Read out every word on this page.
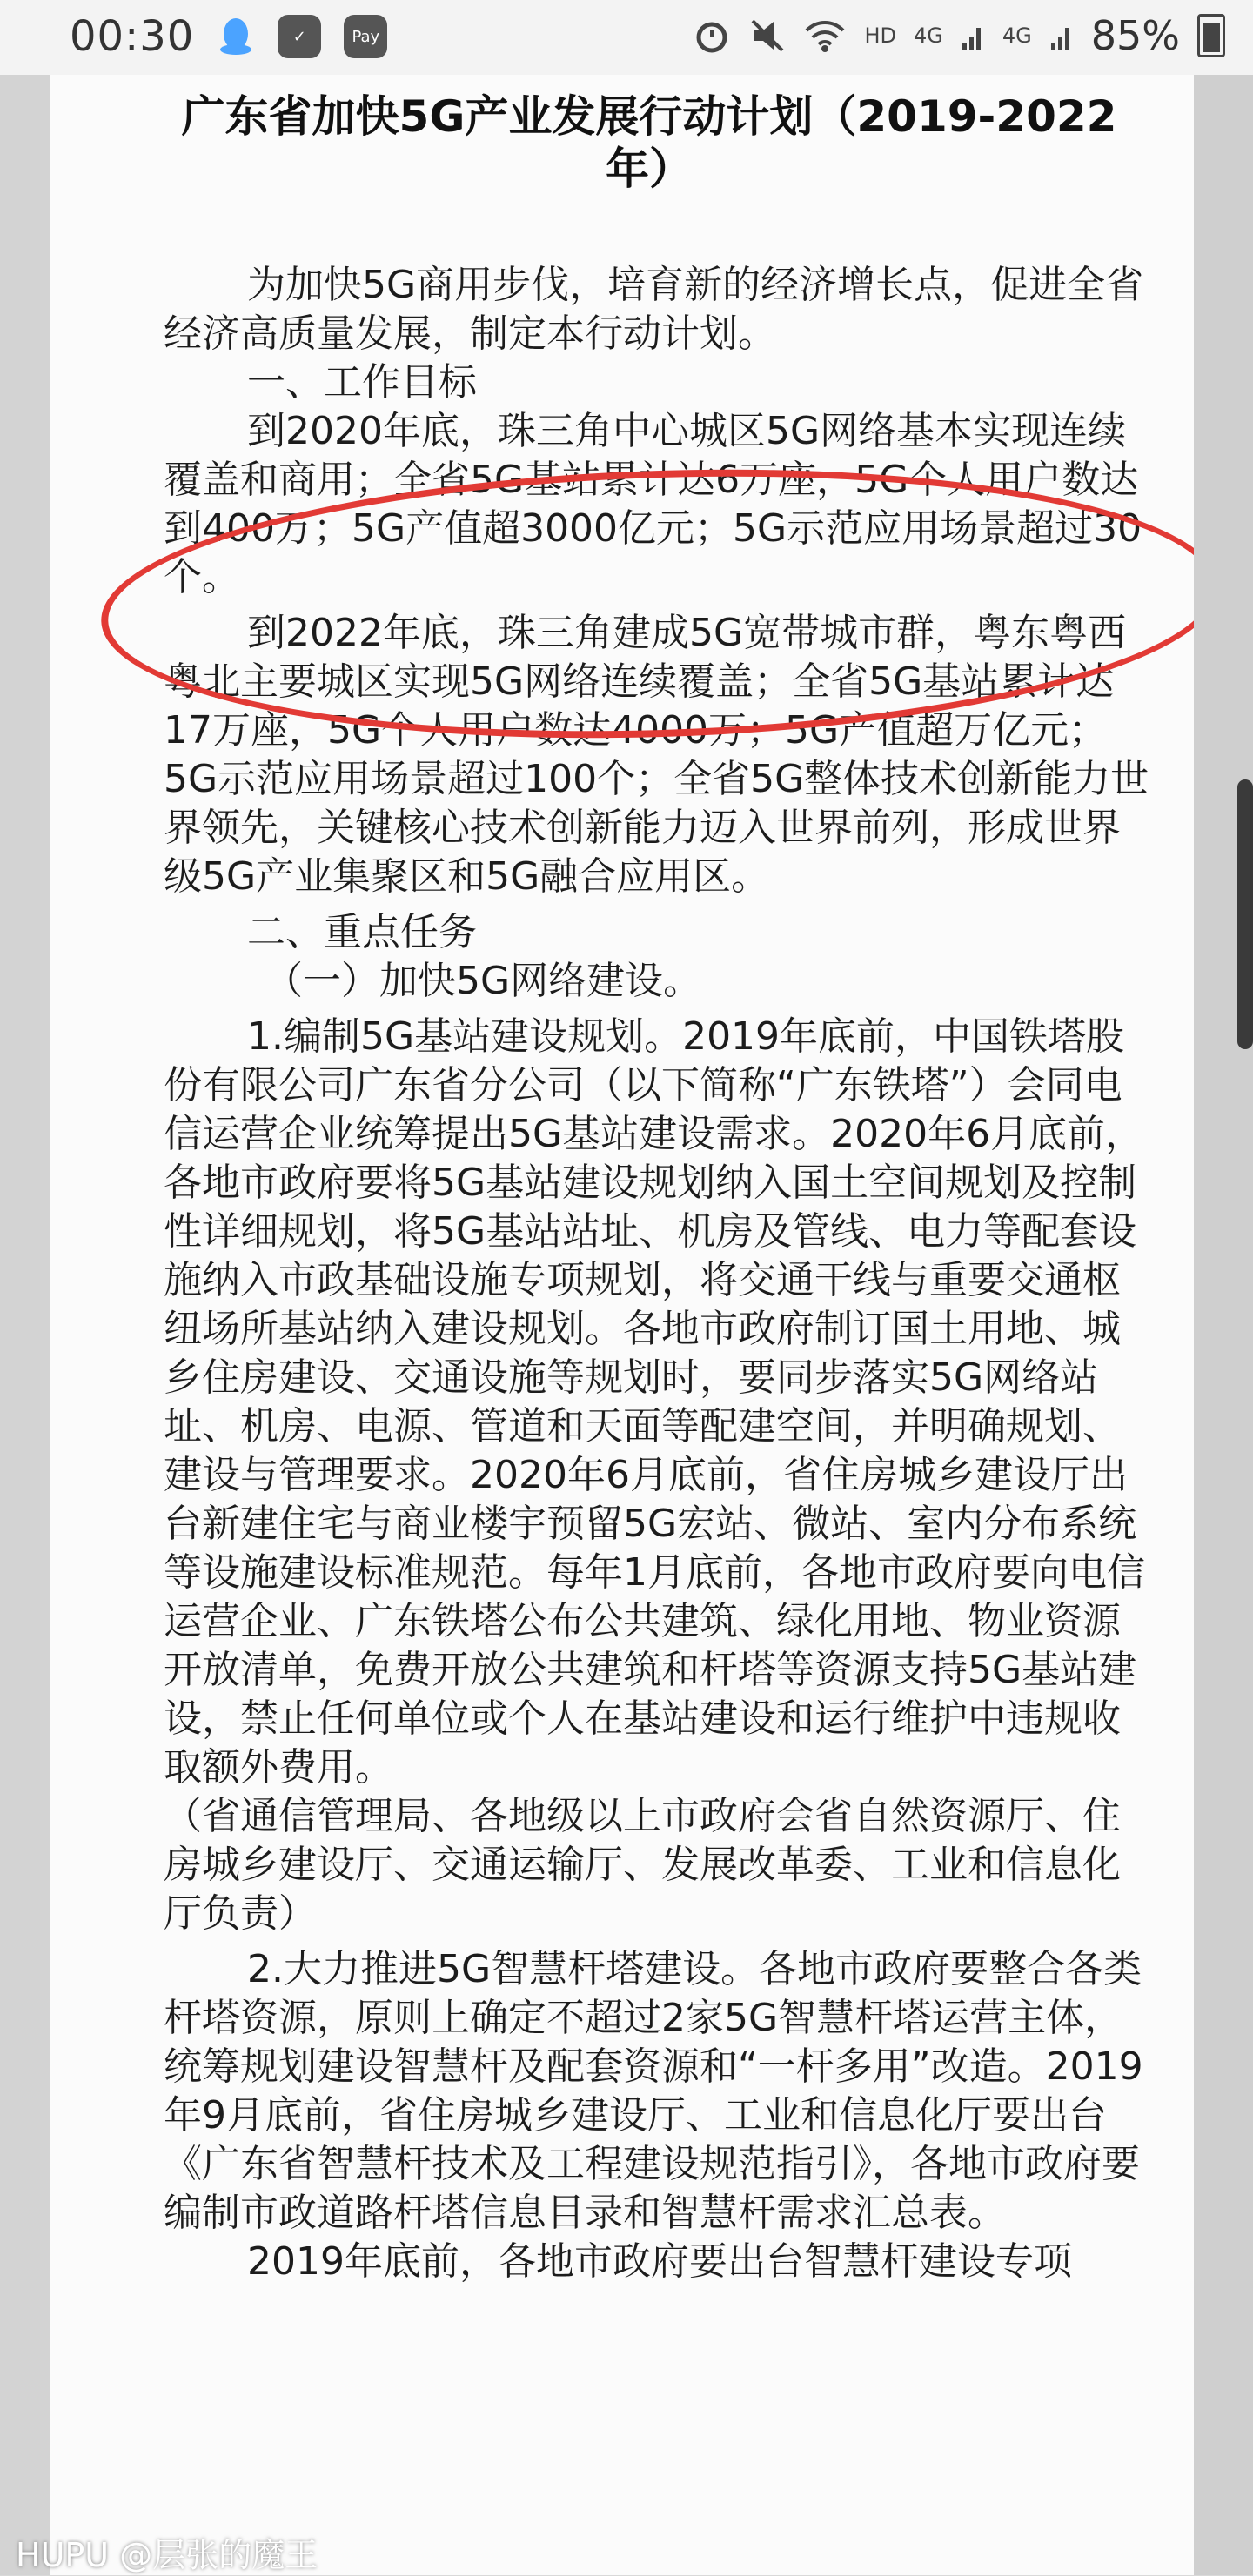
00:30	✓	Pay	HD 4G	4G 85%
广东省加快5G产业发展行动计划（2019-2022年）

为加快5G商用步伐，培育新的经济增长点，促进全省经济高质量发展，制定本行动计划。

一、工作目标

到2020年底，珠三角中心城区5G网络基本实现连续覆盖和商用；全省5G基站累计达6万座，5G个人用户数达到400万；5G产值超3000亿元；5G示范应用场景超过30个。

到2022年底，珠三角建成5G宽带城市群，粤东粤西粤北主要城区实现5G网络连续覆盖；全省5G基站累计达17万座，5G个人用户数达4000万；5G产值超万亿元；5G示范应用场景超过100个；全省5G整体技术创新能力世界领先，关键核心技术创新能力迈入世界前列，形成世界级5G产业集聚区和5G融合应用区。

二、重点任务

（一）加快5G网络建设。

1.编制5G基站建设规划。2019年底前，中国铁塔股份有限公司广东省分公司（以下简称“广东铁塔”）会同电信运营企业统筹提出5G基站建设需求。2020年6月底前，各地市政府要将5G基站建设规划纳入国土空间规划及控制性详细规划，将5G基站站址、机房及管线、电力等配套设施纳入市政基础设施专项规划，将交通干线与重要交通枢纽场所基站纳入建设规划。各地市政府制订国土用地、城乡住房建设、交通设施等规划时，要同步落实5G网络站址、机房、电源、管道和天面等配建空间，并明确规划、建设与管理要求。2020年6月底前，省住房城乡建设厅出台新建住宅与商业楼宇预留5G宏站、微站、室内分布系统等设施建设标准规范。每年1月底前，各地市政府要向电信运营企业、广东铁塔公布公共建筑、绿化用地、物业资源开放清单，免费开放公共建筑和杆塔等资源支持5G基站建设，禁止任何单位或个人在基站建设和运行维护中违规收取额外费用。

（省通信管理局、各地级以上市政府会省自然资源厅、住房城乡建设厅、交通运输厅、发展改革委、工业和信息化厅负责）

2.大力推进5G智慧杆塔建设。各地市政府要整合各类杆塔资源，原则上确定不超过2家5G智慧杆塔运营主体，统筹规划建设智慧杆及配套资源和“一杆多用”改造。2019年9月底前，省住房城乡建设厅、工业和信息化厅要出台《广东省智慧杆技术及工程建设规范指引》，各地市政府要编制市政道路杆塔信息目录和智慧杆需求汇总表。

2019年底前，各地市政府要出台智慧杆建设专项

HUPU @层张的魔王
